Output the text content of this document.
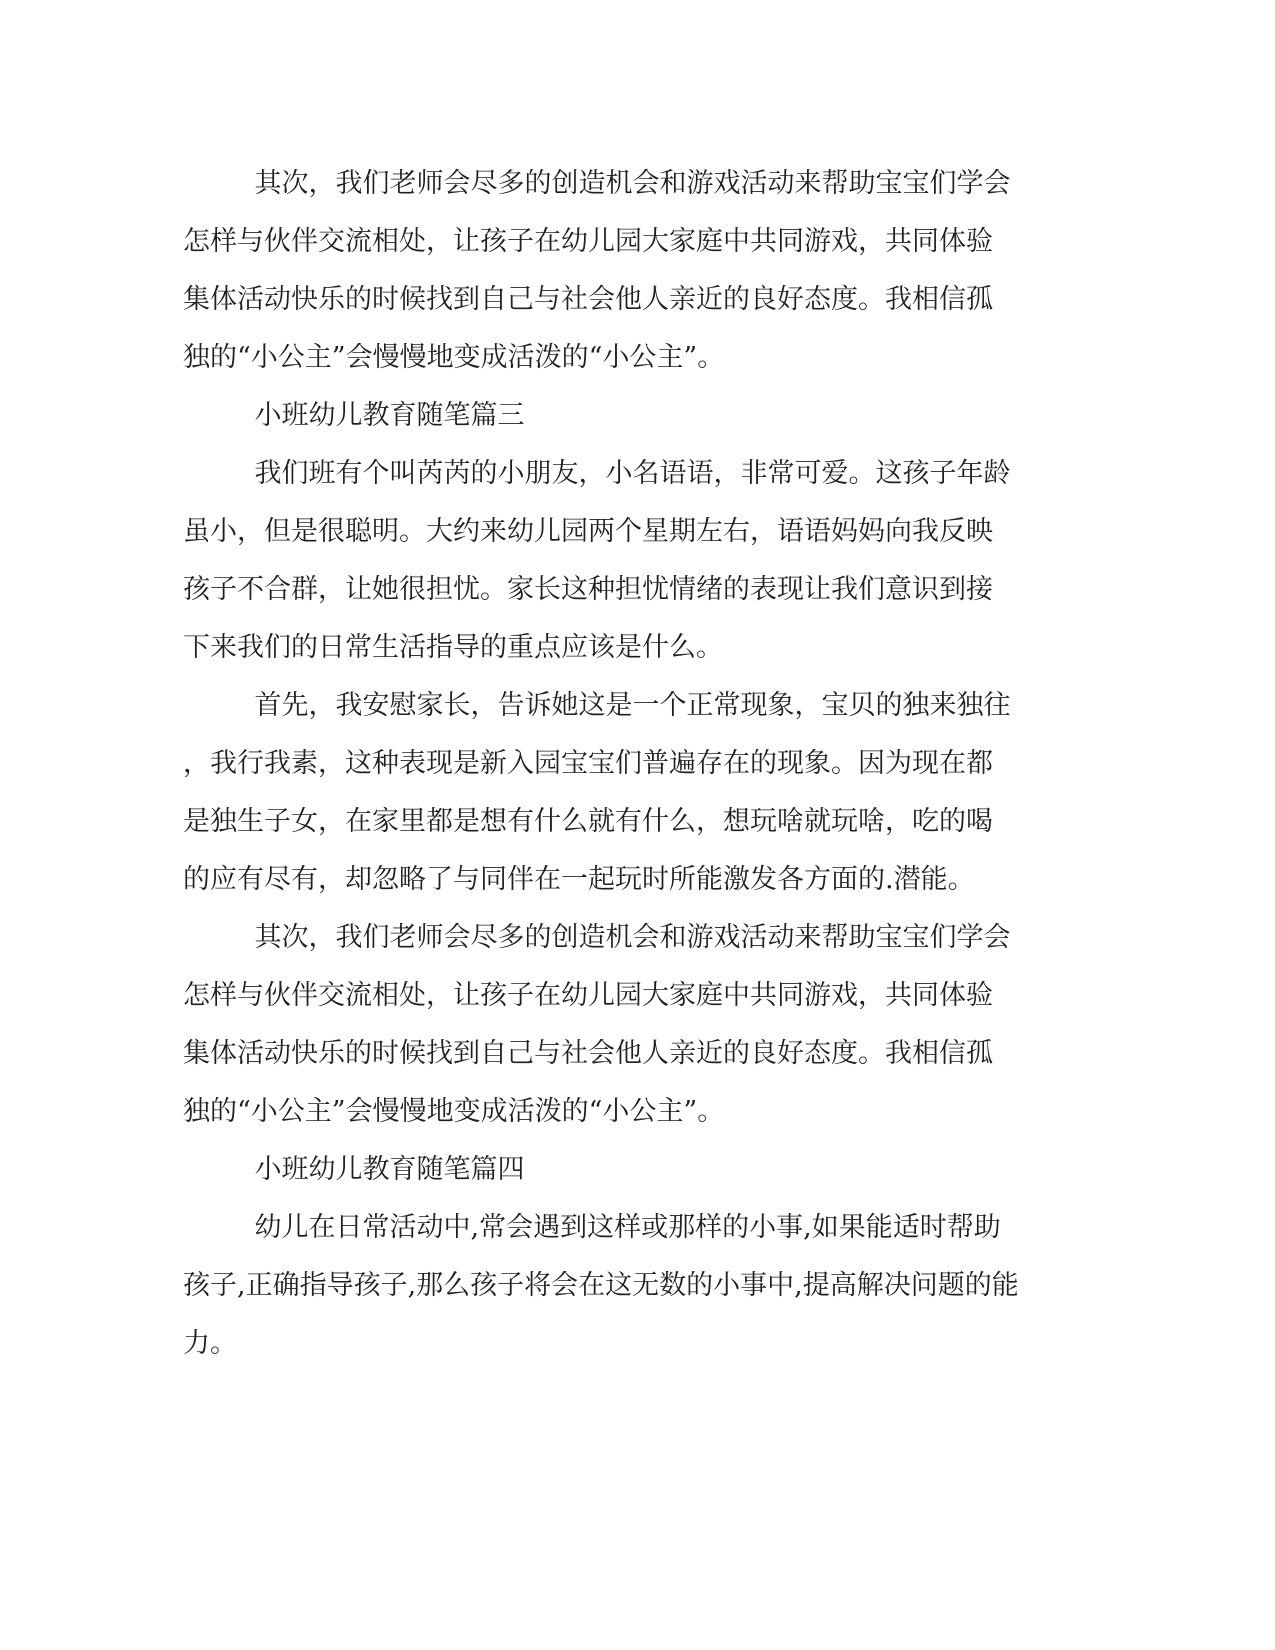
其次，我们老师会尽多的创造机会和游戏活动来帮助宝宝们学会
怎样与伙伴交流相处，让孩子在幼儿园大家庭中共同游戏，共同体验
集体活动快乐的时候找到自己与社会他人亲近的良好态度。我相信孤
独的“小公主”会慢慢地变成活泼的“小公主”。

小班幼儿教育随笔篇三

我们班有个叫芮芮的小朋友，小名语语，非常可爱。这孩子年龄
虽小，但是很聪明。大约来幼儿园两个星期左右，语语妈妈向我反映
孩子不合群，让她很担忧。家长这种担忧情绪的表现让我们意识到接
下来我们的日常生活指导的重点应该是什么。

首先，我安慰家长，告诉她这是一个正常现象，宝贝的独来独往
，我行我素，这种表现是新入园宝宝们普遍存在的现象。因为现在都
是独生子女，在家里都是想有什么就有什么，想玩啥就玩啥，吃的喝
的应有尽有，却忽略了与同伴在一起玩时所能激发各方面的.潜能。

其次，我们老师会尽多的创造机会和游戏活动来帮助宝宝们学会
怎样与伙伴交流相处，让孩子在幼儿园大家庭中共同游戏，共同体验
集体活动快乐的时候找到自己与社会他人亲近的良好态度。我相信孤
独的“小公主”会慢慢地变成活泼的“小公主”。

小班幼儿教育随笔篇四

幼儿在日常活动中,常会遇到这样或那样的小事,如果能适时帮助
孩子,正确指导孩子,那么孩子将会在这无数的小事中,提高解决问题的能
力。
